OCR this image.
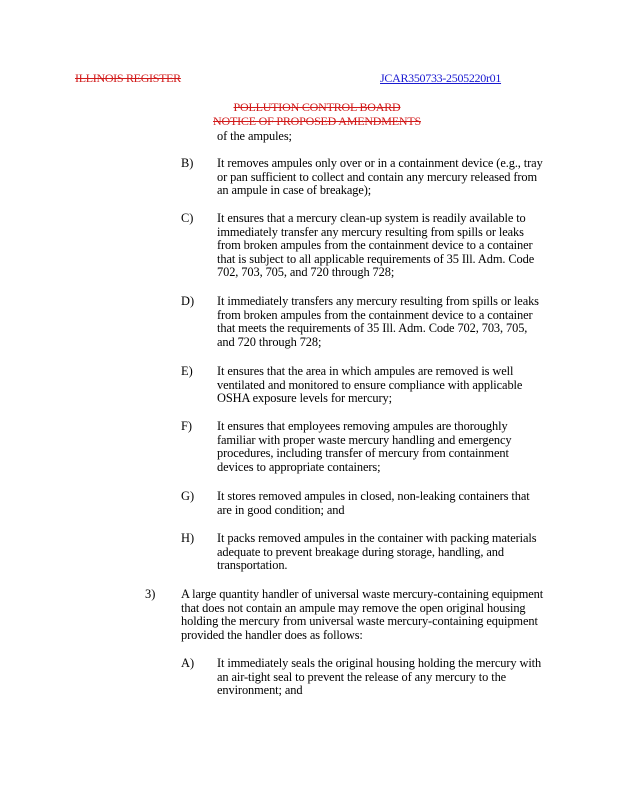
ILLINOIS REGISTER	JCAR350733-2505220r01
POLLUTION CONTROL BOARD
NOTICE OF PROPOSED AMENDMENTS
of the ampules;
B) It removes ampules only over or in a containment device (e.g., tray
or pan sufficient to collect and contain any mercury released from
an ampule in case of breakage);
C) It ensures that a mercury clean-up system is readily available to
immediately transfer any mercury resulting from spills or leaks
from broken ampules from the containment device to a container
that is subject to all applicable requirements of 35 Ill. Adm. Code
702, 703, 705, and 720 through 728;
D) It immediately transfers any mercury resulting from spills or leaks
from broken ampules from the containment device to a container
that meets the requirements of 35 Ill. Adm. Code 702, 703, 705,
and 720 through 728;
E) It ensures that the area in which ampules are removed is well
ventilated and monitored to ensure compliance with applicable
OSHA exposure levels for mercury;
F) It ensures that employees removing ampules are thoroughly
familiar with proper waste mercury handling and emergency
procedures, including transfer of mercury from containment
devices to appropriate containers;
G) It stores removed ampules in closed, non-leaking containers that
are in good condition; and
H) It packs removed ampules in the container with packing materials
adequate to prevent breakage during storage, handling, and
transportation.
3) A large quantity handler of universal waste mercury-containing equipment
that does not contain an ampule may remove the open original housing
holding the mercury from universal waste mercury-containing equipment
provided the handler does as follows:
A) It immediately seals the original housing holding the mercury with
an air-tight seal to prevent the release of any mercury to the
environment; and
